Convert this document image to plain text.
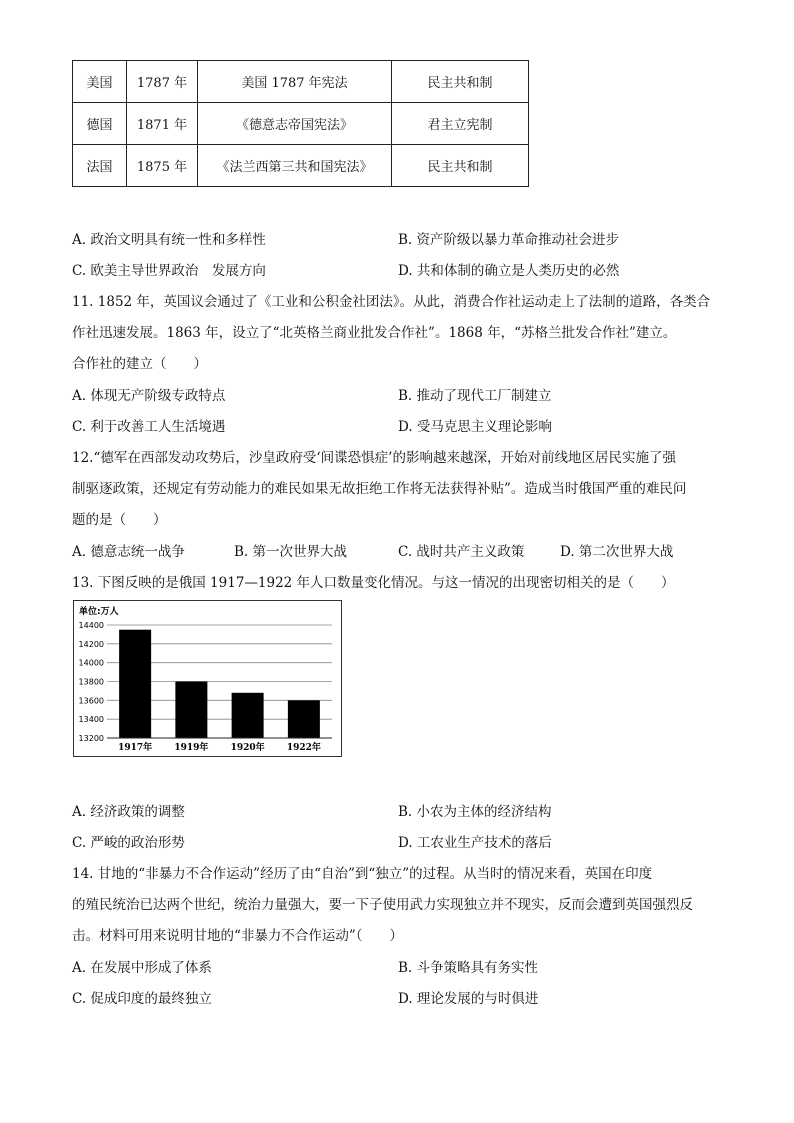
美国	1787 年	美国 1787 年宪法	民主共和制
德国	1871 年	《德意志帝国宪法》	君主立宪制
法国	1875 年	《法兰西第三共和国宪法》	民主共和制
A. 政治文明具有统一性和多样性	B. 资产阶级以暴力革命推动社会进步
C. 欧美主导世界政治　发展方向	D. 共和体制的确立是人类历史的必然
11. 1852 年，英国议会通过了《工业和公积金社团法》。从此，消费合作社运动走上了法制的道路，各类合
作社迅速发展。1863 年，设立了“北英格兰商业批发合作社”。1868 年，“苏格兰批发合作社”建立。
合作社的建立（　　）
A. 体现无产阶级专政特点	B. 推动了现代工厂制建立
C. 利于改善工人生活境遇	D. 受马克思主义理论影响
12.“德军在西部发动攻势后，沙皇政府受‘间谍恐惧症’的影响越来越深，开始对前线地区居民实施了强
制驱逐政策，还规定有劳动能力的难民如果无故拒绝工作将无法获得补贴”。造成当时俄国严重的难民问
题的是（　　）
A. 德意志统一战争	B. 第一次世界大战	C. 战时共产主义政策	D. 第二次世界大战
13. 下图反映的是俄国 1917—1922 年人口数量变化情况。与这一情况的出现密切相关的是（　　）
单位:万人
13200
13400
13600
13800
14000
14200
14400
1917年 1919年 1920年 1922年
A. 经济政策的调整	B. 小农为主体的经济结构
C. 严峻的政治形势	D. 工农业生产技术的落后
14. 甘地的“非暴力不合作运动”经历了由“自治”到“独立”的过程。从当时的情况来看，英国在印度
的殖民统治已达两个世纪，统治力量强大，要一下子使用武力实现独立并不现实，反而会遭到英国强烈反
击。材料可用来说明甘地的“非暴力不合作运动”（　　）
A. 在发展中形成了体系	B. 斗争策略具有务实性
C. 促成印度的最终独立	D. 理论发展的与时俱进
